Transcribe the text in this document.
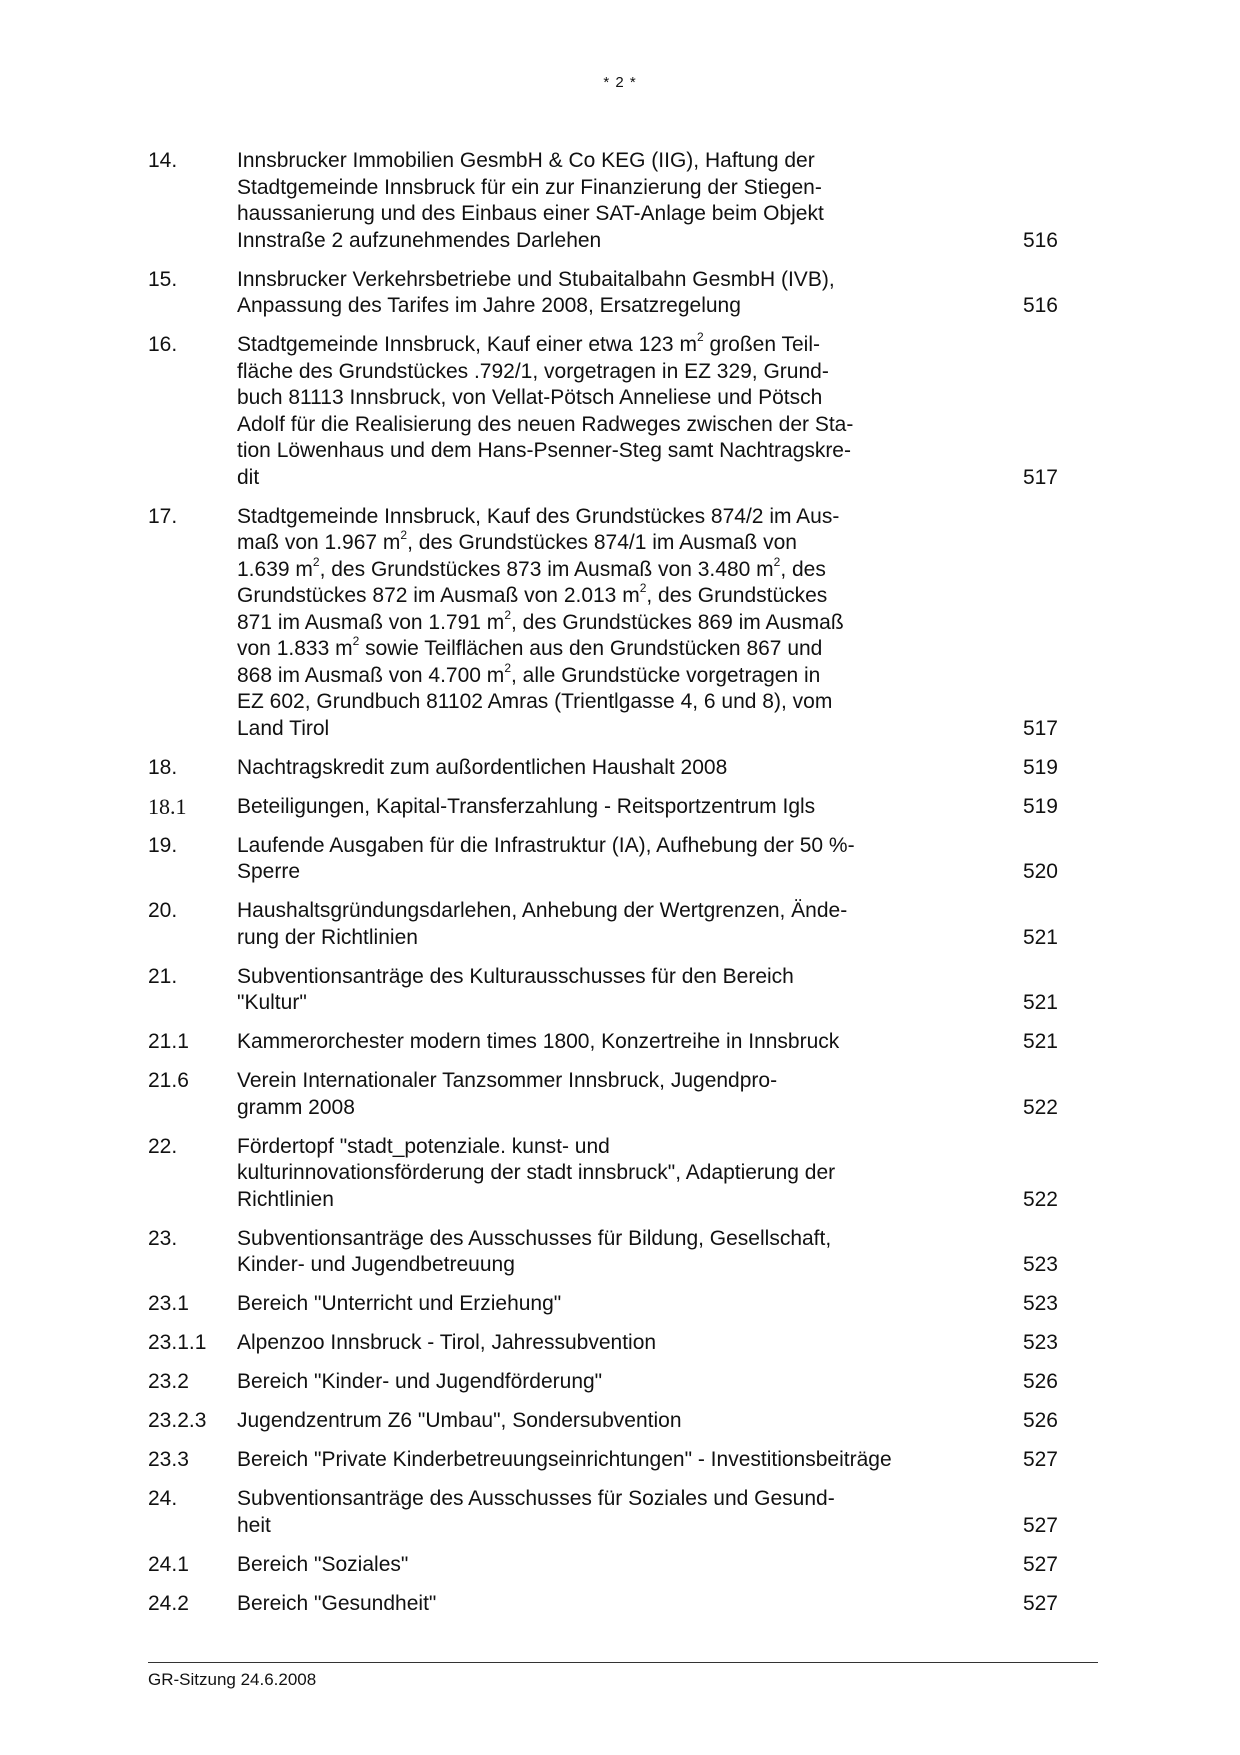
* 2 *
14.	Innsbrucker Immobilien GesmbH & Co KEG (IIG), Haftung der
Stadtgemeinde Innsbruck für ein zur Finanzierung der Stiegen-
haussanierung und des Einbaus einer SAT-Anlage beim Objekt
Innstraße 2 aufzunehmendes Darlehen	516
15.	Innsbrucker Verkehrsbetriebe und Stubaitalbahn GesmbH (IVB),
Anpassung des Tarifes im Jahre 2008, Ersatzregelung	516
16.	Stadtgemeinde Innsbruck, Kauf einer etwa 123 $m^2$ großen Teil-
fläche des Grundstückes .792/1, vorgetragen in EZ 329, Grund-
buch 81113 Innsbruck, von Vellat-Pötsch Anneliese und Pötsch
Adolf für die Realisierung des neuen Radweges zwischen der Sta-
tion Löwenhaus und dem Hans-Psenner-Steg samt Nachtragskre-
dit	517
17.	Stadtgemeinde Innsbruck, Kauf des Grundstückes 874/2 im Aus-
maß von 1.967 $m^2$, des Grundstückes 874/1 im Ausmaß von
1.639 $m^2$, des Grundstückes 873 im Ausmaß von 3.480 $m^2$, des
Grundstückes 872 im Ausmaß von 2.013 $m^2$, des Grundstückes
871 im Ausmaß von 1.791 $m^2$, des Grundstückes 869 im Ausmaß
von 1.833 $m^2$ sowie Teilflächen aus den Grundstücken 867 und
868 im Ausmaß von 4.700 $m^2$, alle Grundstücke vorgetragen in
EZ 602, Grundbuch 81102 Amras (Trientlgasse 4, 6 und 8), vom
Land Tirol	517
18.	Nachtragskredit zum außordentlichen Haushalt 2008	519
18.1	Beteiligungen, Kapital-Transferzahlung - Reitsportzentrum Igls	519
19.	Laufende Ausgaben für die Infrastruktur (IA), Aufhebung der 50 %-
Sperre	520
20.	Haushaltsgründungsdarlehen, Anhebung der Wertgrenzen, Ände-
rung der Richtlinien	521
21.	Subventionsanträge des Kulturausschusses für den Bereich
"Kultur"	521
21.1	Kammerorchester modern times 1800, Konzertreihe in Innsbruck	521
21.6	Verein Internationaler Tanzsommer Innsbruck, Jugendpro-
gramm 2008	522
22.	Fördertopf "stadt_potenziale. kunst- und
kulturinnovationsförderung der stadt innsbruck", Adaptierung der
Richtlinien	522
23.	Subventionsanträge des Ausschusses für Bildung, Gesellschaft,
Kinder- und Jugendbetreuung	523
23.1	Bereich "Unterricht und Erziehung"	523
23.1.1	Alpenzoo Innsbruck - Tirol, Jahressubvention	523
23.2	Bereich "Kinder- und Jugendförderung"	526
23.2.3	Jugendzentrum Z6 "Umbau", Sondersubvention	526
23.3	Bereich "Private Kinderbetreuungseinrichtungen" - Investitionsbeiträge	527
24.	Subventionsanträge des Ausschusses für Soziales und Gesund-
heit	527
24.1	Bereich "Soziales"	527
24.2	Bereich "Gesundheit"	527
GR-Sitzung 24.6.2008
